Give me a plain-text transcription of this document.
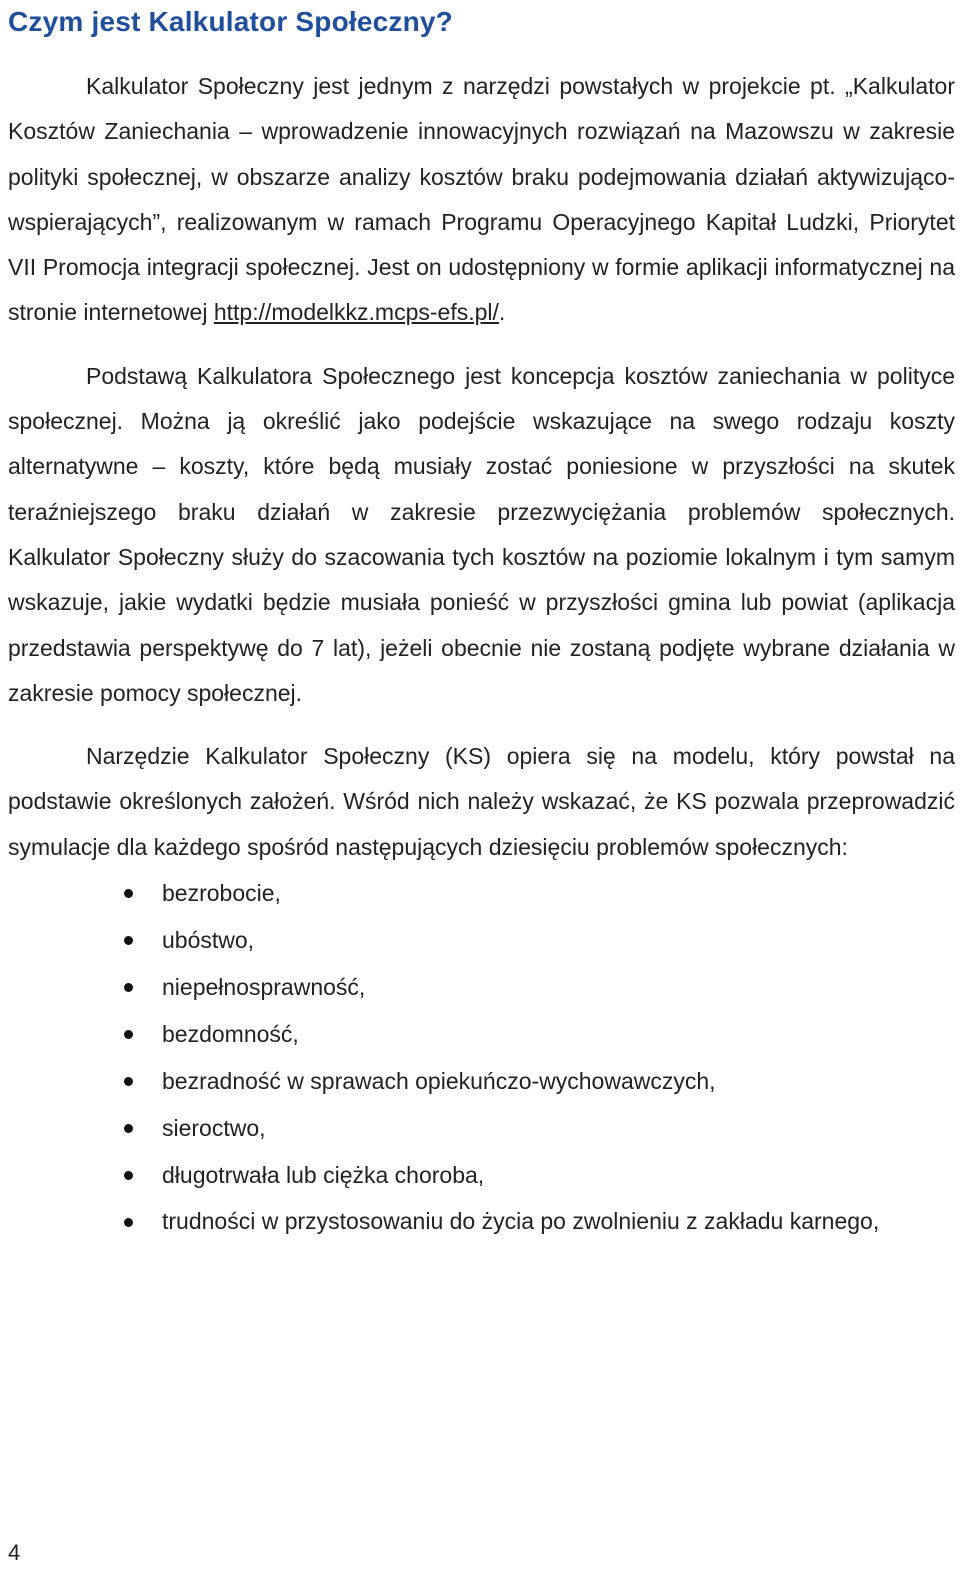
Czym jest Kalkulator Społeczny?

Kalkulator Społeczny jest jednym z narzędzi powstałych w projekcie pt. „Kalkulator Kosztów Zaniechania – wprowadzenie innowacyjnych rozwiązań na Mazowszu w zakresie polityki społecznej, w obszarze analizy kosztów braku podejmowania działań aktywizująco-wspierających”, realizowanym w ramach Programu Operacyjnego Kapitał Ludzki, Priorytet VII Promocja integracji społecznej. Jest on udostępniony w formie aplikacji informatycznej na stronie internetowej http://modelkkz.mcps-efs.pl/.

Podstawą Kalkulatora Społecznego jest koncepcja kosztów zaniechania w polityce społecznej. Można ją określić jako podejście wskazujące na swego rodzaju koszty alternatywne – koszty, które będą musiały zostać poniesione w przyszłości na skutek teraźniejszego braku działań w zakresie przezwyciężania problemów społecznych. Kalkulator Społeczny służy do szacowania tych kosztów na poziomie lokalnym i tym samym wskazuje, jakie wydatki będzie musiała ponieść w przyszłości gmina lub powiat (aplikacja przedstawia perspektywę do 7 lat), jeżeli obecnie nie zostaną podjęte wybrane działania w zakresie pomocy społecznej.

Narzędzie Kalkulator Społeczny (KS) opiera się na modelu, który powstał na podstawie określonych założeń. Wśród nich należy wskazać, że KS pozwala przeprowadzić symulacje dla każdego spośród następujących dziesięciu problemów społecznych:

bezrobocie,
ubóstwo,
niepełnosprawność,
bezdomność,
bezradność w sprawach opiekuńczo-wychowawczych,
sieroctwo,
długotrwała lub ciężka choroba,
trudności w przystosowaniu do życia po zwolnieniu z zakładu karnego,
4
